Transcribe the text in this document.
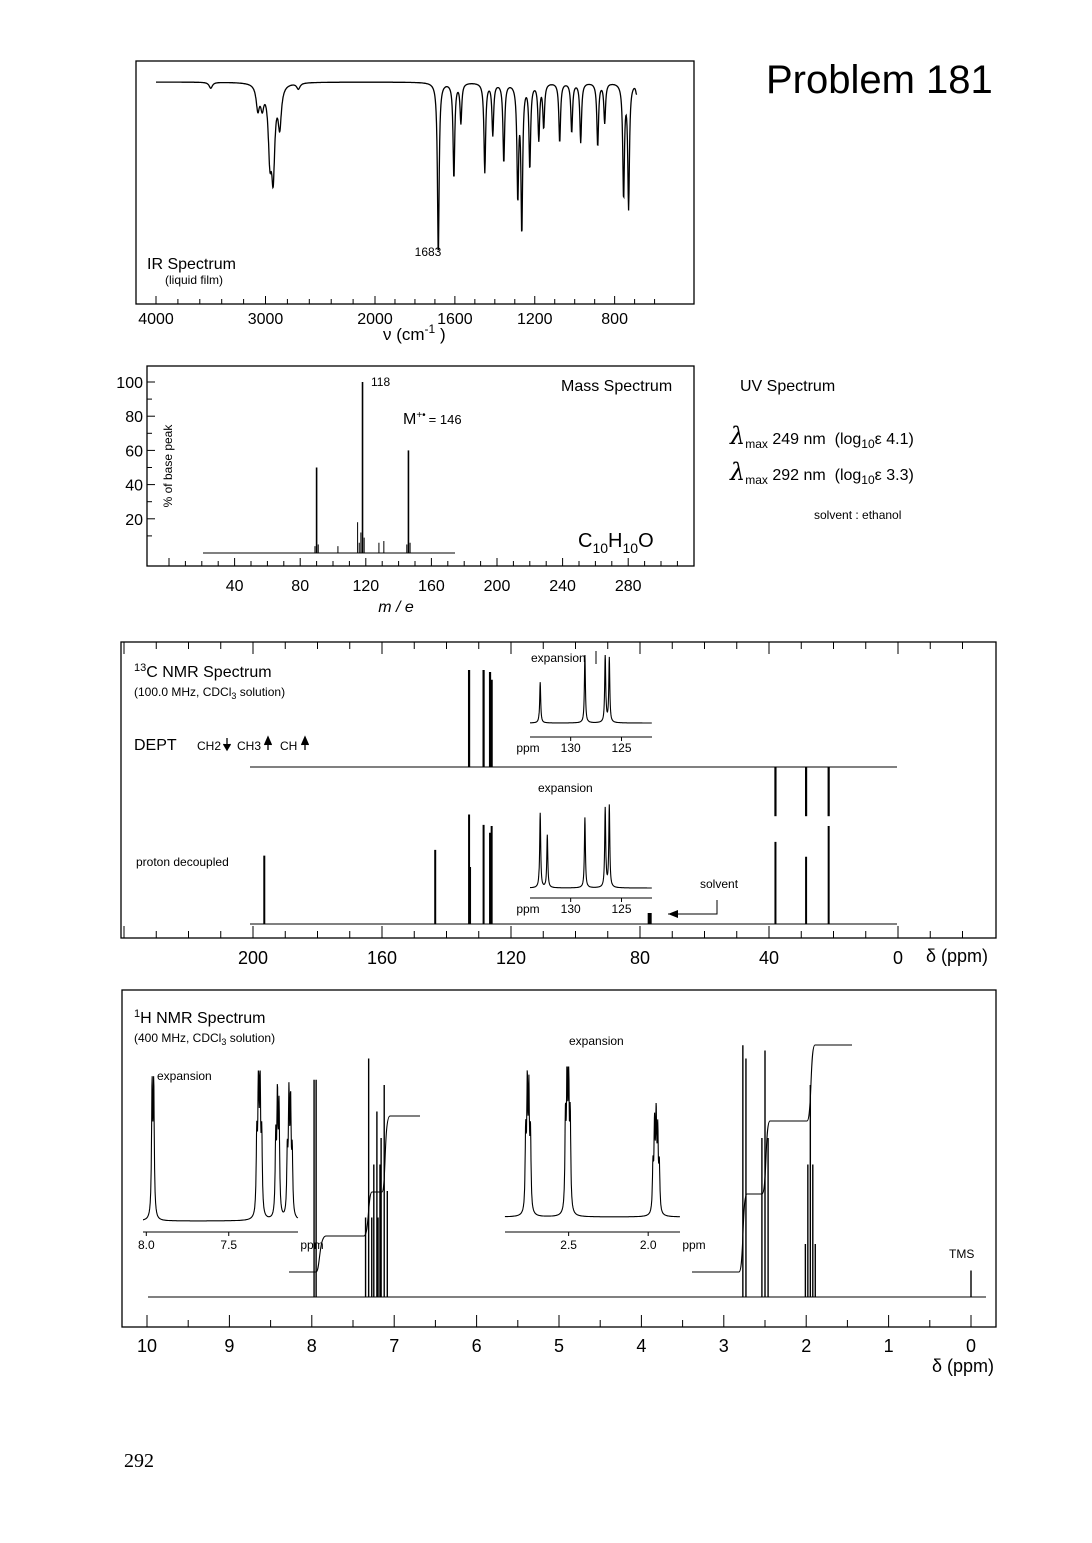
Problem 181
1683
IR Spectrum
(liquid film)
4000	3000	2000	1600	1200	800
ν ($cm^{-1}$ )
40	80	120 160 200 240 280
20
40
60
80
100
% of base peak
Mass Spectrum
M+• $_{= 146}$
118
$C_{10}H_{10}O$
m / e
$^{13}$C NMR Spectrum
(100.0 MHz, CDCl$_3$ solution)
DEPT CH2 CH3 CH
proton decoupled
expansion
ppm 130	125
expansion
ppm 130	125
solvent
200	160	120	80	40	0 δ (ppm)
$^1$H NMR Spectrum
(400 MHz, CDCl$_3$ solution)
expansion
expansion
8.0	7.5	ppm	2.5	2.0 ppm
TMS
10	9	8	7	6	5	4	3	2	1	0
δ (ppm)
UV Spectrum
$\lambda_{max}$ 249 nm ($\log_{10}\varepsilon$ 4.1)
$\lambda_{max}$ 292 nm ($\log_{10}\varepsilon$ 3.3)
solvent : ethanol
292
